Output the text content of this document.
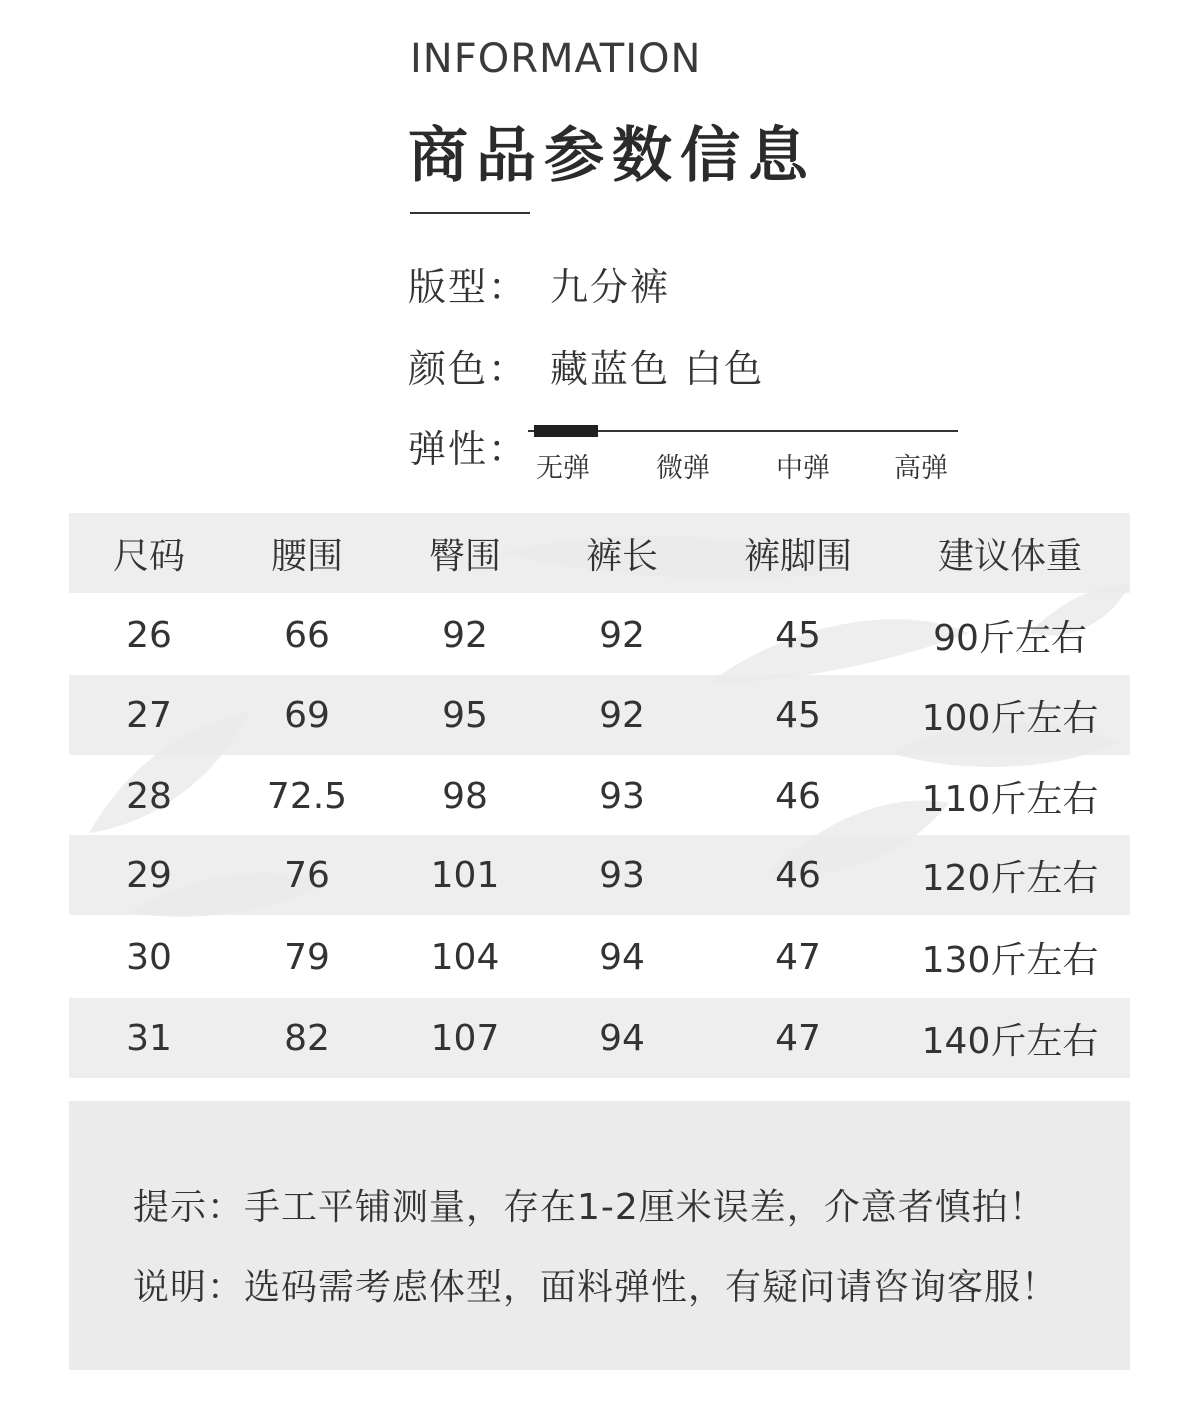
INFORMATION
商品参数信息
版型： 九分裤
颜色： 藏蓝色 白色
弹性： 无弹 微弹 中弹 高弹
尺码	腰围	臀围	裤长	裤脚围	建议体重
26	66	92	92	45	90斤左右
27	69	95	92	45	100斤左右
28	72.5	98	93	46	110斤左右
29	76	101	93	46	120斤左右
30	79	104	94	47	130斤左右
31	82	107	94	47	140斤左右
提示：手工平铺测量，存在1-2厘米误差，介意者慎拍！
说明：选码需考虑体型，面料弹性，有疑问请咨询客服！
